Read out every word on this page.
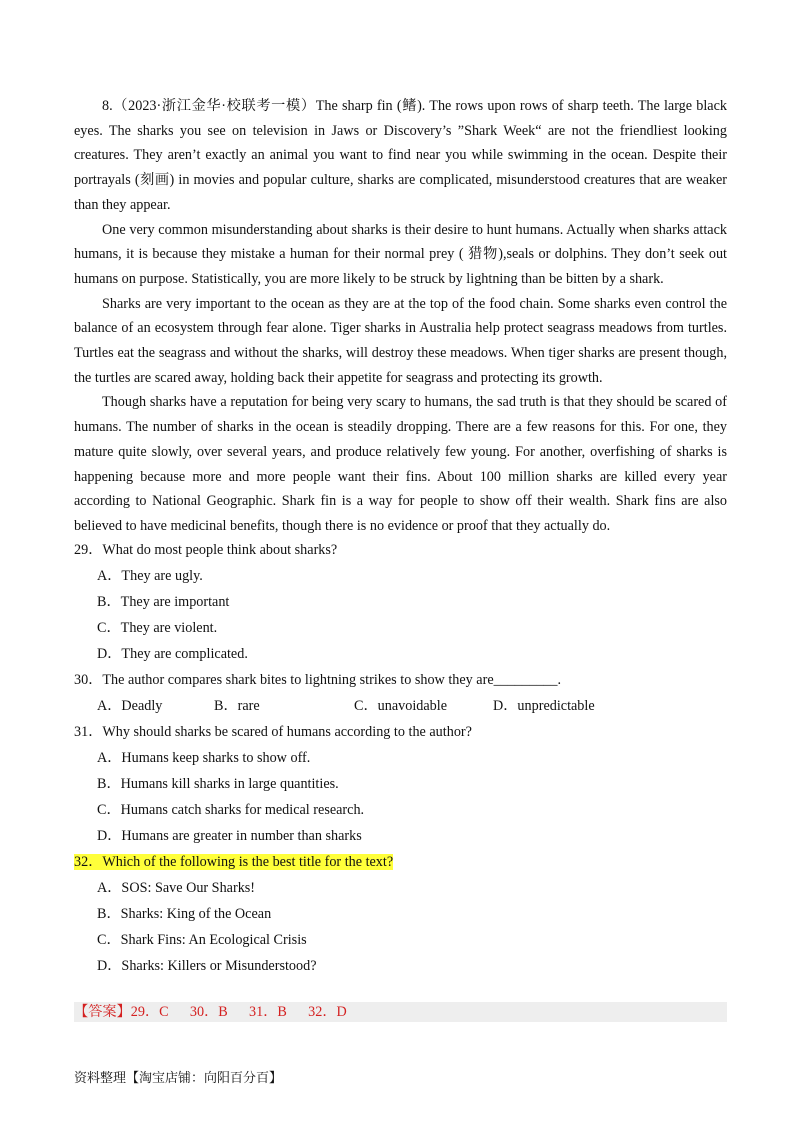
8.（2023·浙江金华·校联考一模）The sharp fin (鳍). The rows upon rows of sharp teeth. The large black eyes. The sharks you see on television in Jaws or Discovery’s ”Shark Week“ are not the friendliest looking creatures. They aren’t exactly an animal you want to find near you while swimming in the ocean. Despite their portrayals (刻画) in movies and popular culture, sharks are complicated, misunderstood creatures that are weaker than they appear.

One very common misunderstanding about sharks is their desire to hunt humans. Actually when sharks attack humans, it is because they mistake a human for their normal prey ( 猎物),seals or dolphins. They don’t seek out humans on purpose. Statistically, you are more likely to be struck by lightning than be bitten by a shark.

Sharks are very important to the ocean as they are at the top of the food chain. Some sharks even control the balance of an ecosystem through fear alone. Tiger sharks in Australia help protect seagrass meadows from turtles. Turtles eat the seagrass and without the sharks, will destroy these meadows. When tiger sharks are present though, the turtles are scared away, holding back their appetite for seagrass and protecting its growth.

Though sharks have a reputation for being very scary to humans, the sad truth is that they should be scared of humans. The number of sharks in the ocean is steadily dropping. There are a few reasons for this. For one, they mature quite slowly, over several years, and produce relatively few young. For another, overfishing of sharks is happening because more and more people want their fins. About 100 million sharks are killed every year according to National Geographic. Shark fin is a way for people to show off their wealth. Shark fins are also believed to have medicinal benefits, though there is no evidence or proof that they actually do.

29．What do most people think about sharks?

A．They are ugly.

B．They are important

C．They are violent.

D．They are complicated.

30．The author compares shark bites to lightning strikes to show they are_________.

A．Deadly	B．rare	C．unavoidable	D．unpredictable

31．Why should sharks be scared of humans according to the author?

A．Humans keep sharks to show off.

B．Humans kill sharks in large quantities.

C．Humans catch sharks for medical research.

D．Humans are greater in number than sharks

32．Which of the following is the best title for the text?

A．SOS: Save Our Sharks!

B．Sharks: King of the Ocean

C．Shark Fins: An Ecological Crisis

D．Sharks: Killers or Misunderstood?

【答案】29．C 30．B 31．B 32．D
资料整理【淘宝店铺：向阳百分百】
